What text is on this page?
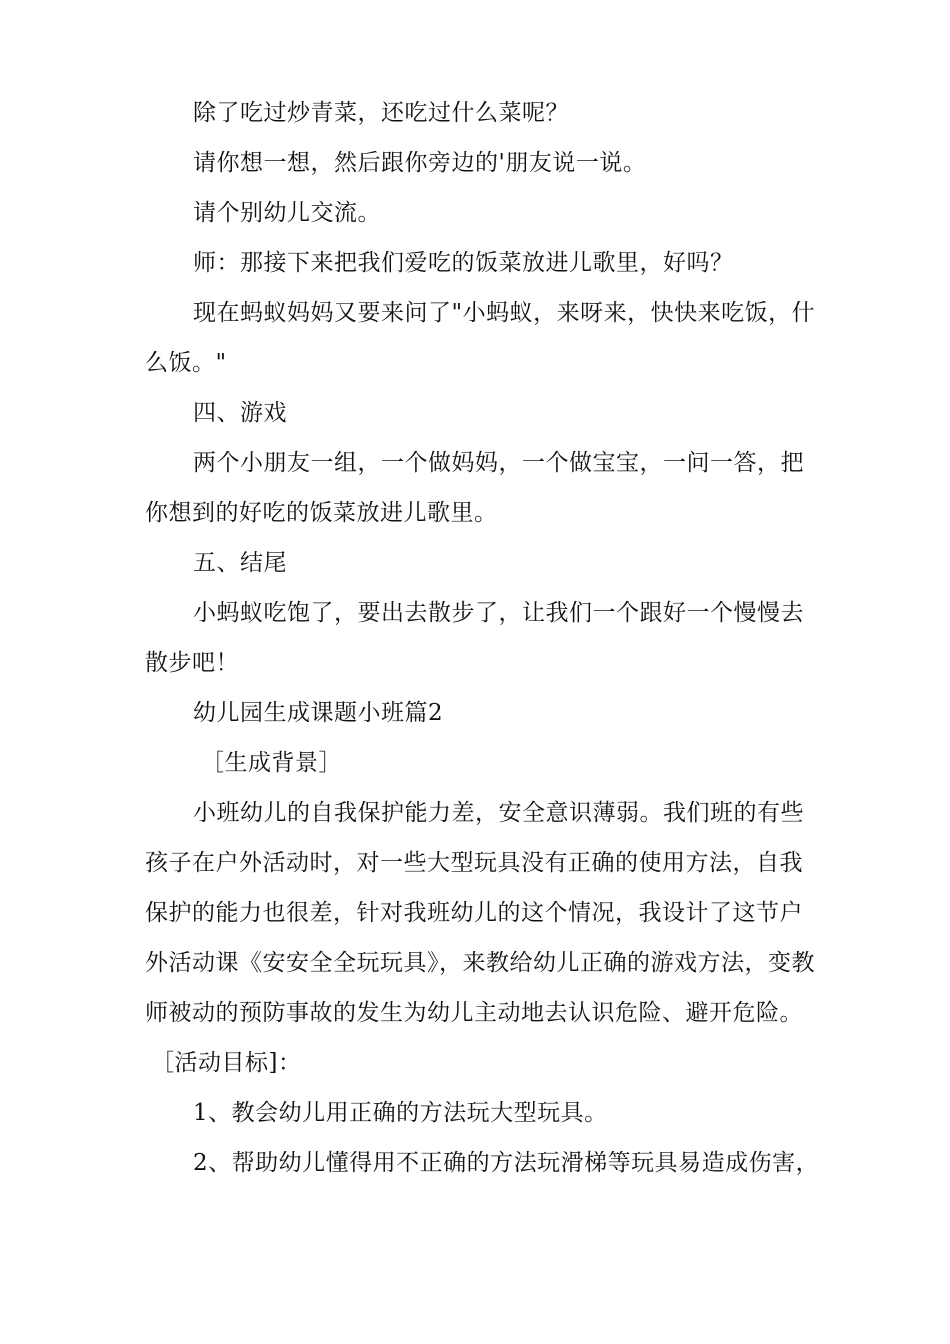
除了吃过炒青菜，还吃过什么菜呢？

请你想一想，然后跟你旁边的'朋友说一说。

请个别幼儿交流。

师：那接下来把我们爱吃的饭菜放进儿歌里，好吗？

现在蚂蚁妈妈又要来问了"小蚂蚁，来呀来，快快来吃饭，什么饭。"

四、游戏

两个小朋友一组，一个做妈妈，一个做宝宝，一问一答，把你想到的好吃的饭菜放进儿歌里。

五、结尾

小蚂蚁吃饱了，要出去散步了，让我们一个跟好一个慢慢去散步吧！

幼儿园生成课题小班篇2

［生成背景］

小班幼儿的自我保护能力差，安全意识薄弱。我们班的有些孩子在户外活动时，对一些大型玩具没有正确的使用方法，自我保护的能力也很差，针对我班幼儿的这个情况，我设计了这节户外活动课《安安全全玩玩具》，来教给幼儿正确的游戏方法，变教师被动的预防事故的发生为幼儿主动地去认识危险、避开危险。

［活动目标]：

1、教会幼儿用正确的方法玩大型玩具。

2、帮助幼儿懂得用不正确的方法玩滑梯等玩具易造成伤害，
